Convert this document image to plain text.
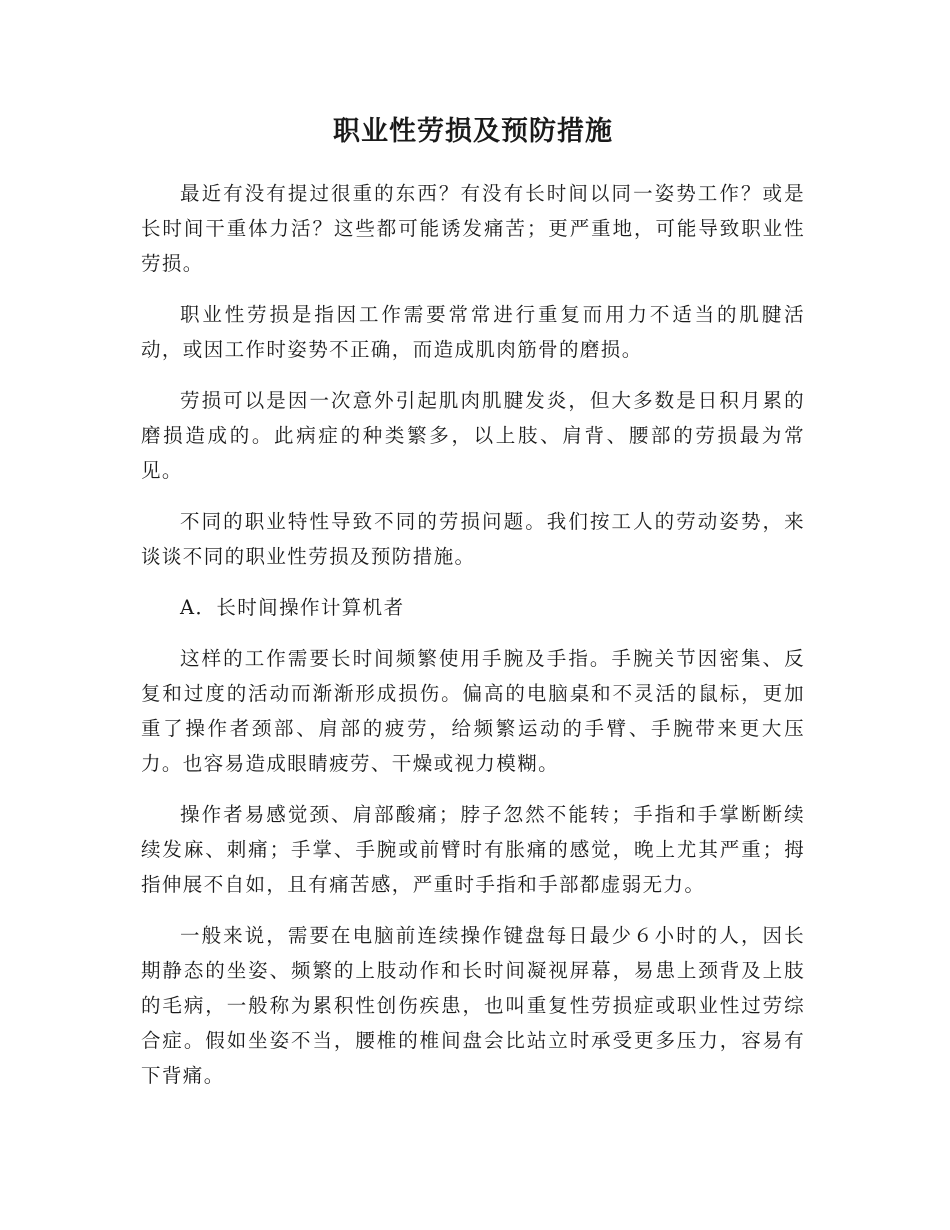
职业性劳损及预防措施

最近有没有提过很重的东西？有没有长时间以同一姿势工作？或是长时间干重体力活？这些都可能诱发痛苦；更严重地，可能导致职业性劳损。

职业性劳损是指因工作需要常常进行重复而用力不适当的肌腱活动，或因工作时姿势不正确，而造成肌肉筋骨的磨损。

劳损可以是因一次意外引起肌肉肌腱发炎，但大多数是日积月累的磨损造成的。此病症的种类繁多，以上肢、肩背、腰部的劳损最为常见。

不同的职业特性导致不同的劳损问题。我们按工人的劳动姿势，来谈谈不同的职业性劳损及预防措施。

A．长时间操作计算机者

这样的工作需要长时间频繁使用手腕及手指。手腕关节因密集、反复和过度的活动而渐渐形成损伤。偏高的电脑桌和不灵活的鼠标，更加重了操作者颈部、肩部的疲劳，给频繁运动的手臂、手腕带来更大压力。也容易造成眼睛疲劳、干燥或视力模糊。

操作者易感觉颈、肩部酸痛；脖子忽然不能转；手指和手掌断断续续发麻、刺痛；手掌、手腕或前臂时有胀痛的感觉，晚上尤其严重；拇指伸展不自如，且有痛苦感，严重时手指和手部都虚弱无力。

一般来说，需要在电脑前连续操作键盘每日最少６小时的人，因长期静态的坐姿、频繁的上肢动作和长时间凝视屏幕，易患上颈背及上肢的毛病，一般称为累积性创伤疾患，也叫重复性劳损症或职业性过劳综合症。假如坐姿不当，腰椎的椎间盘会比站立时承受更多压力，容易有下背痛。
